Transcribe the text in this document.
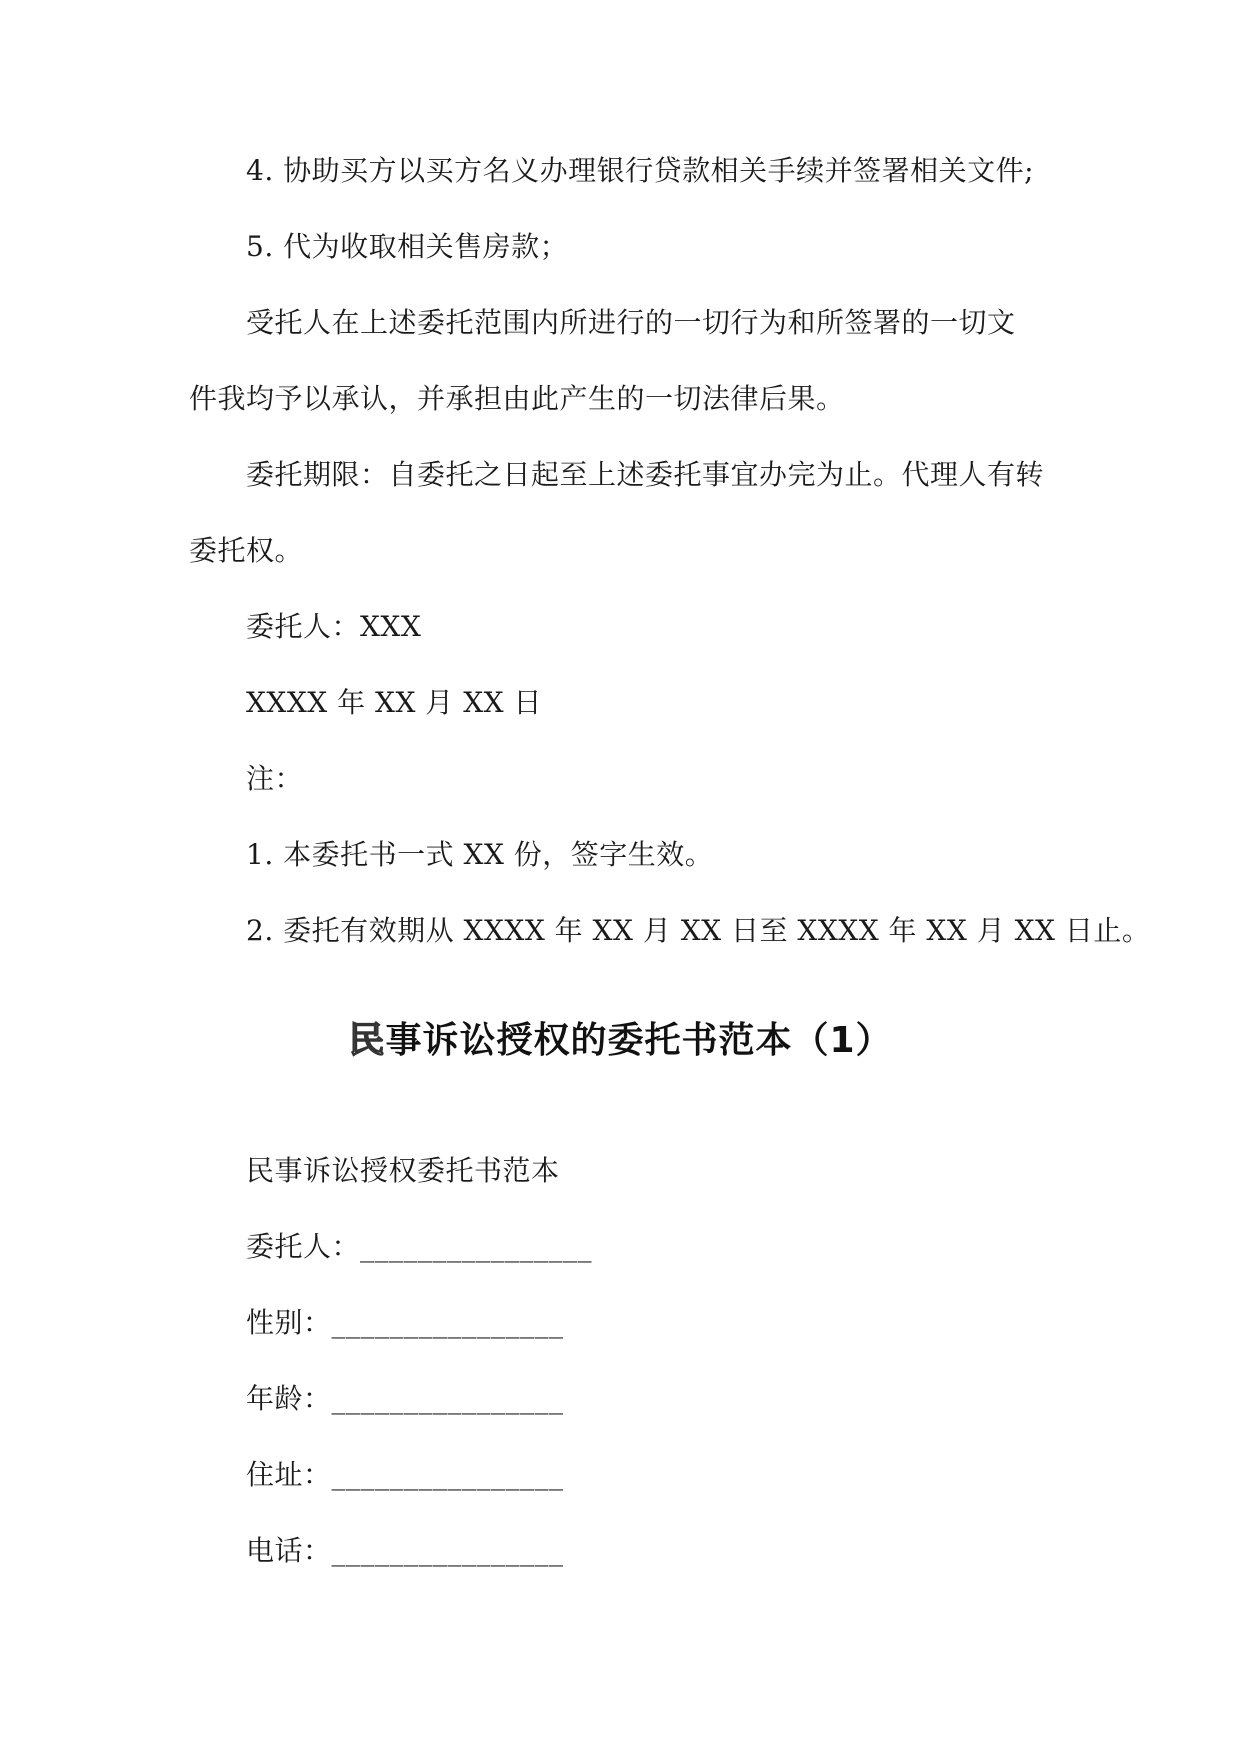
4. 协助买方以买方名义办理银行贷款相关手续并签署相关文件;
5. 代为收取相关售房款；
受托人在上述委托范围内所进行的一切行为和所签署的一切文
件我均予以承认，并承担由此产生的一切法律后果。
委托期限：自委托之日起至上述委托事宜办完为止。代理人有转
委托权。
委托人：XXX
XXXX 年 XX 月 XX 日
注：
1. 本委托书一式 XX 份，签字生效。
2. 委托有效期从 XXXX 年 XX 月 XX 日至 XXXX 年 XX 月 XX 日止。
民事诉讼授权的委托书范本（1）
民事诉讼授权委托书范本
委托人：________________
性别：________________
年龄：________________
住址：________________
电话：________________
